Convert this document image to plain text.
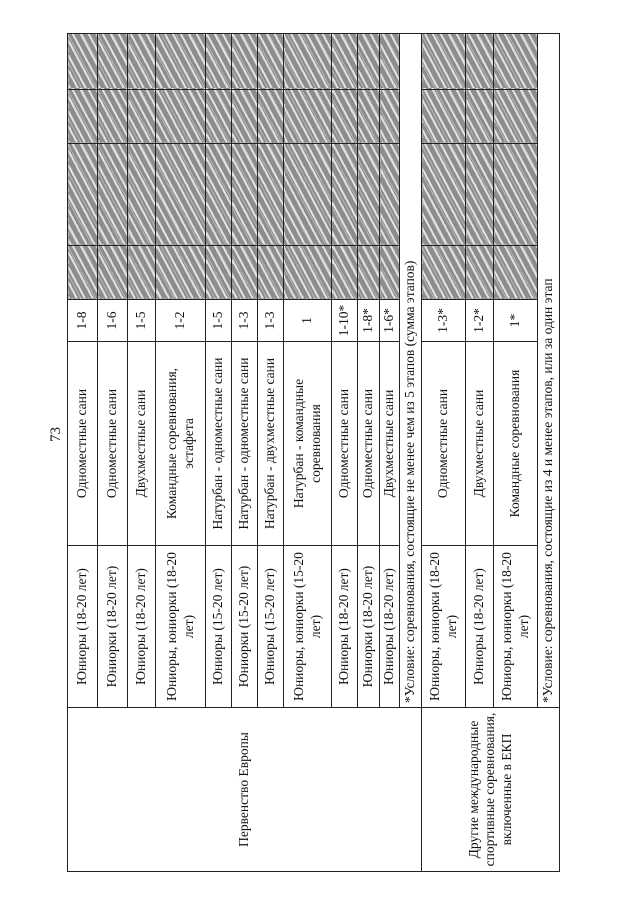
73
Первенство Европы	Юниоры (18-20 лет)	Одноместные сани	1-8				
	Юниорки (18-20 лет)	Одноместные сани	1-6				
	Юниоры (18-20 лет)	Двухместные сани	1-5				
	Юниоры, юниорки (18-20 лет)	Командные соревнования, эстафета	1-2				
	Юниоры (15-20 лет)	Натурбан - одноместные сани	1-5				
	Юниорки (15-20 лет)	Натурбан - одноместные сани	1-3				
	Юниоры (15-20 лет)	Натурбан - двухместные сани	1-3				
	Юниоры, юниорки (15-20 лет)	Натурбан - командные соревнования	1				
	Юниоры (18-20 лет)	Одноместные сани	1-10*				
	Юниорки (18-20 лет)	Одноместные сани	1-8*				
	Юниоры (18-20 лет)	Двухместные сани	1-6*				
	*Условие: соревнования, состоящие не менее чем из 5 этапов (сумма этапов)						
Другие международные спортивные соревнования, включенные в ЕКП	Юниоры, юниорки (18-20 лет)	Одноместные сани	1-3*				
	Юниоры (18-20 лет)	Двухместные сани	1-2*				
	Юниоры, юниорки (18-20 лет)	Командные соревнования	1*				
	*Условие: соревнования, состоящие из 4 и менее этапов, или за один этап						
